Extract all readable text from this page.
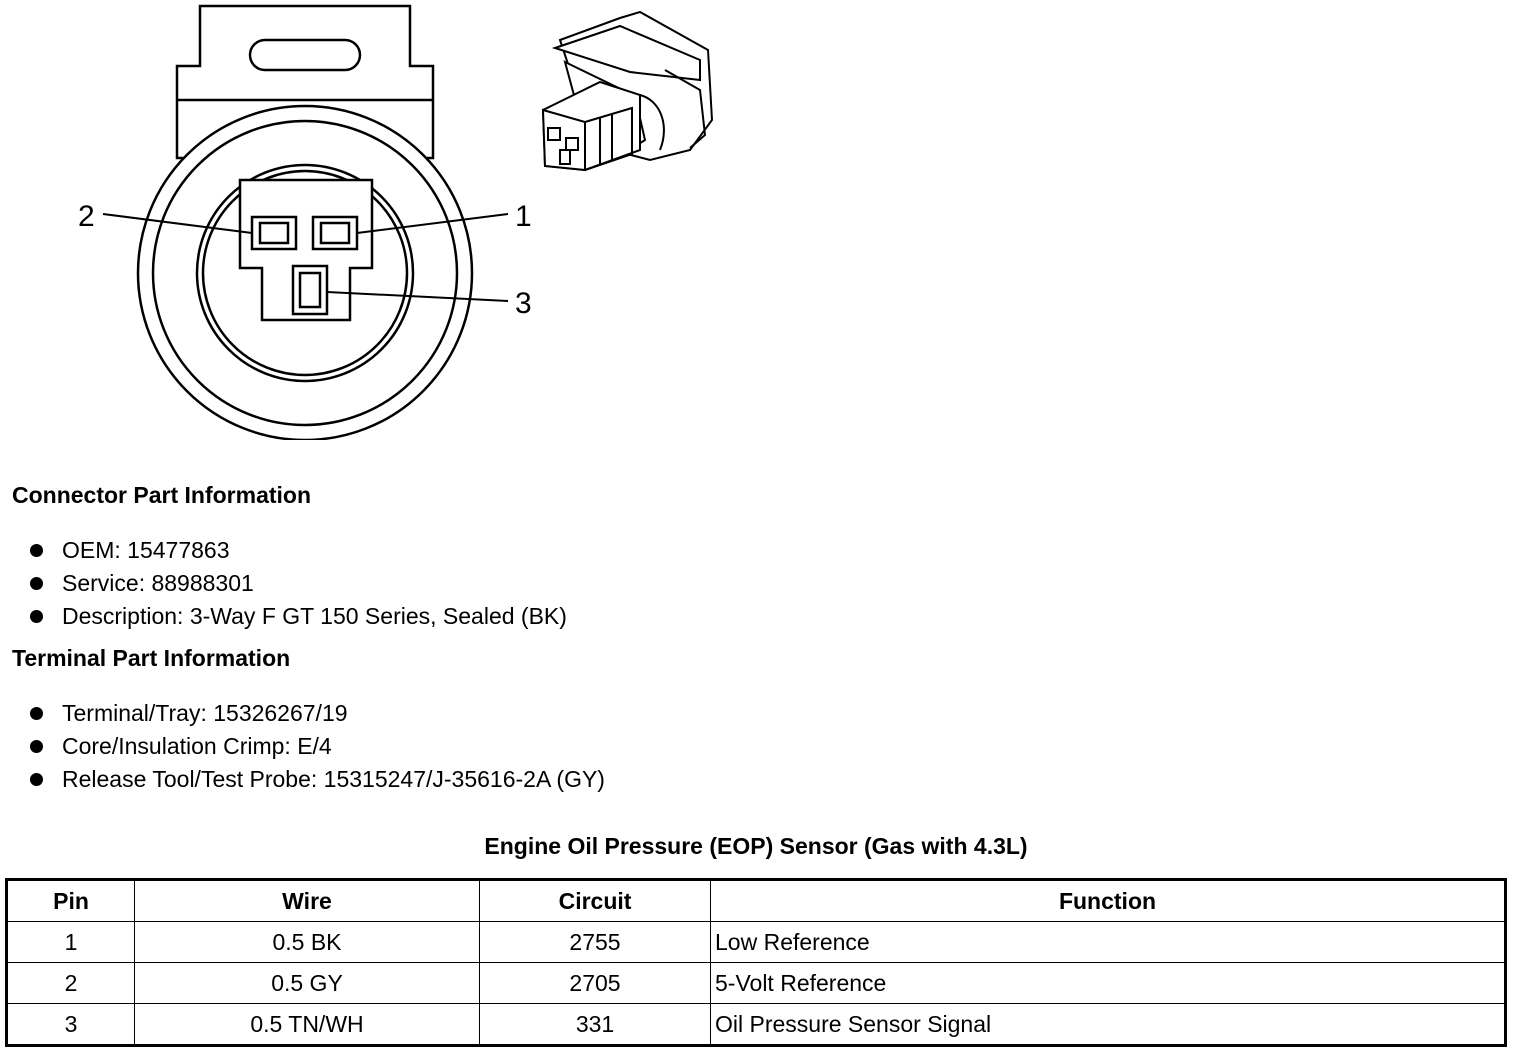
2	1
3
Connector Part Information
OEM: 15477863
Service: 88988301
Description: 3-Way F GT 150 Series, Sealed (BK)
Terminal Part Information
Terminal/Tray: 15326267/19
Core/Insulation Crimp: E/4
Release Tool/Test Probe: 15315247/J-35616-2A (GY)
Engine Oil Pressure (EOP) Sensor (Gas with 4.3L)
Pin	Wire	Circuit	Function
1	0.5 BK	2755	Low Reference
2	0.5 GY	2705	5-Volt Reference
3	0.5 TN/WH	331	Oil Pressure Sensor Signal
